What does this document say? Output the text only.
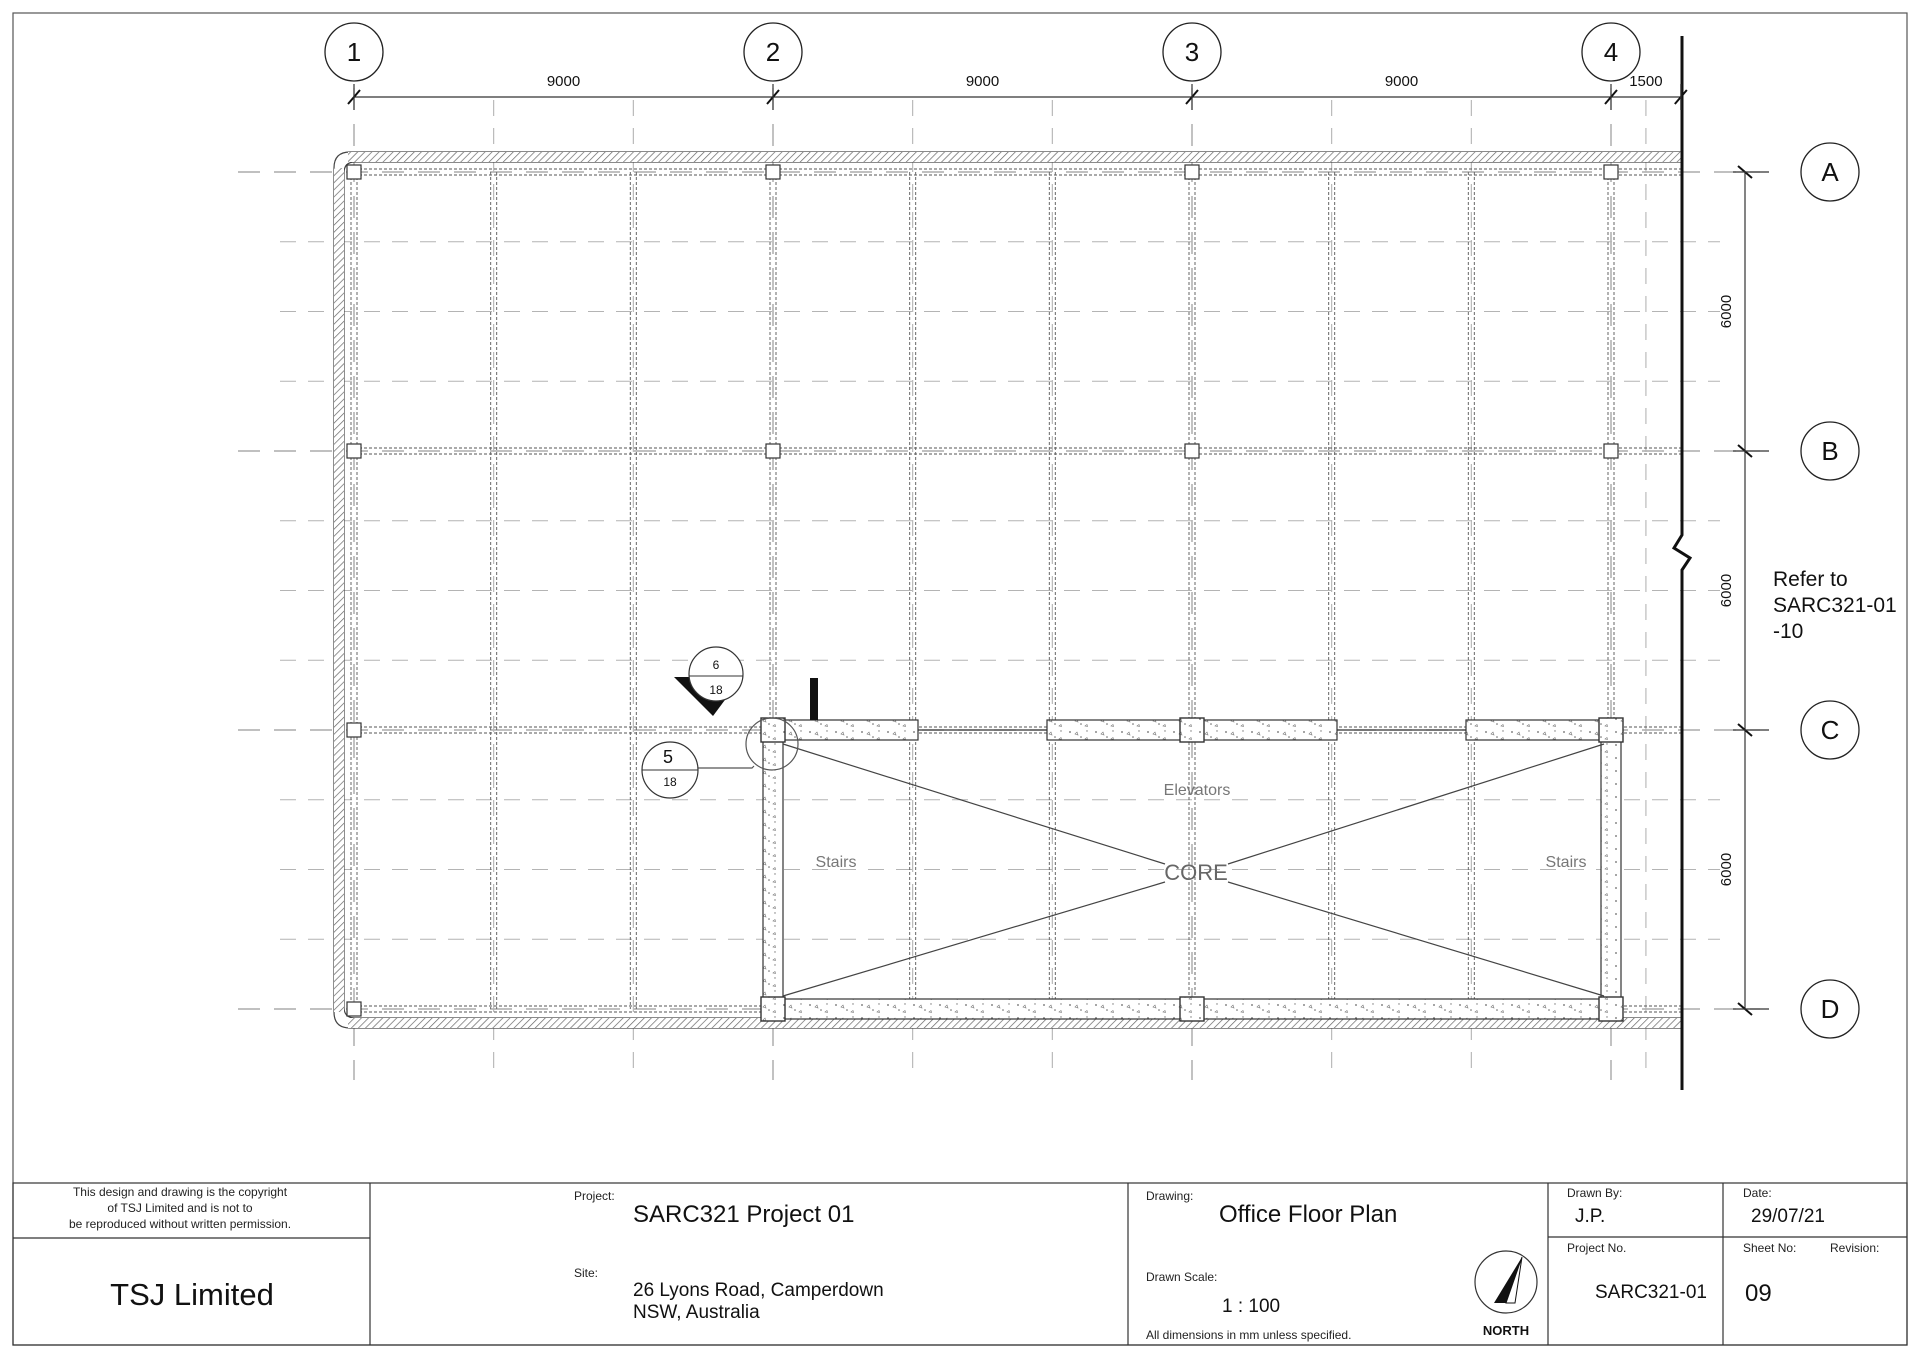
CORE
Elevators
Stairs	Stairs
1	2	3	4
A
B
C
D
9000	9000	9000	1500
6000
6000
6000
Refer to
SARC321-01
-10
6
18
5
18
This design and drawing is the copyright
of TSJ Limited and is not to
be reproduced without written permission.
TSJ Limited
Project:
SARC321 Project 01
Site:
26 Lyons Road, Camperdown
NSW, Australia
Drawing:
Office Floor Plan
Drawn Scale:
1 : 100
All dimensions in mm unless specified.	NORTH
Drawn By:
J.P.
Date:
29/07/21
Project No.
SARC321-01
Sheet No:	Revision:
09
